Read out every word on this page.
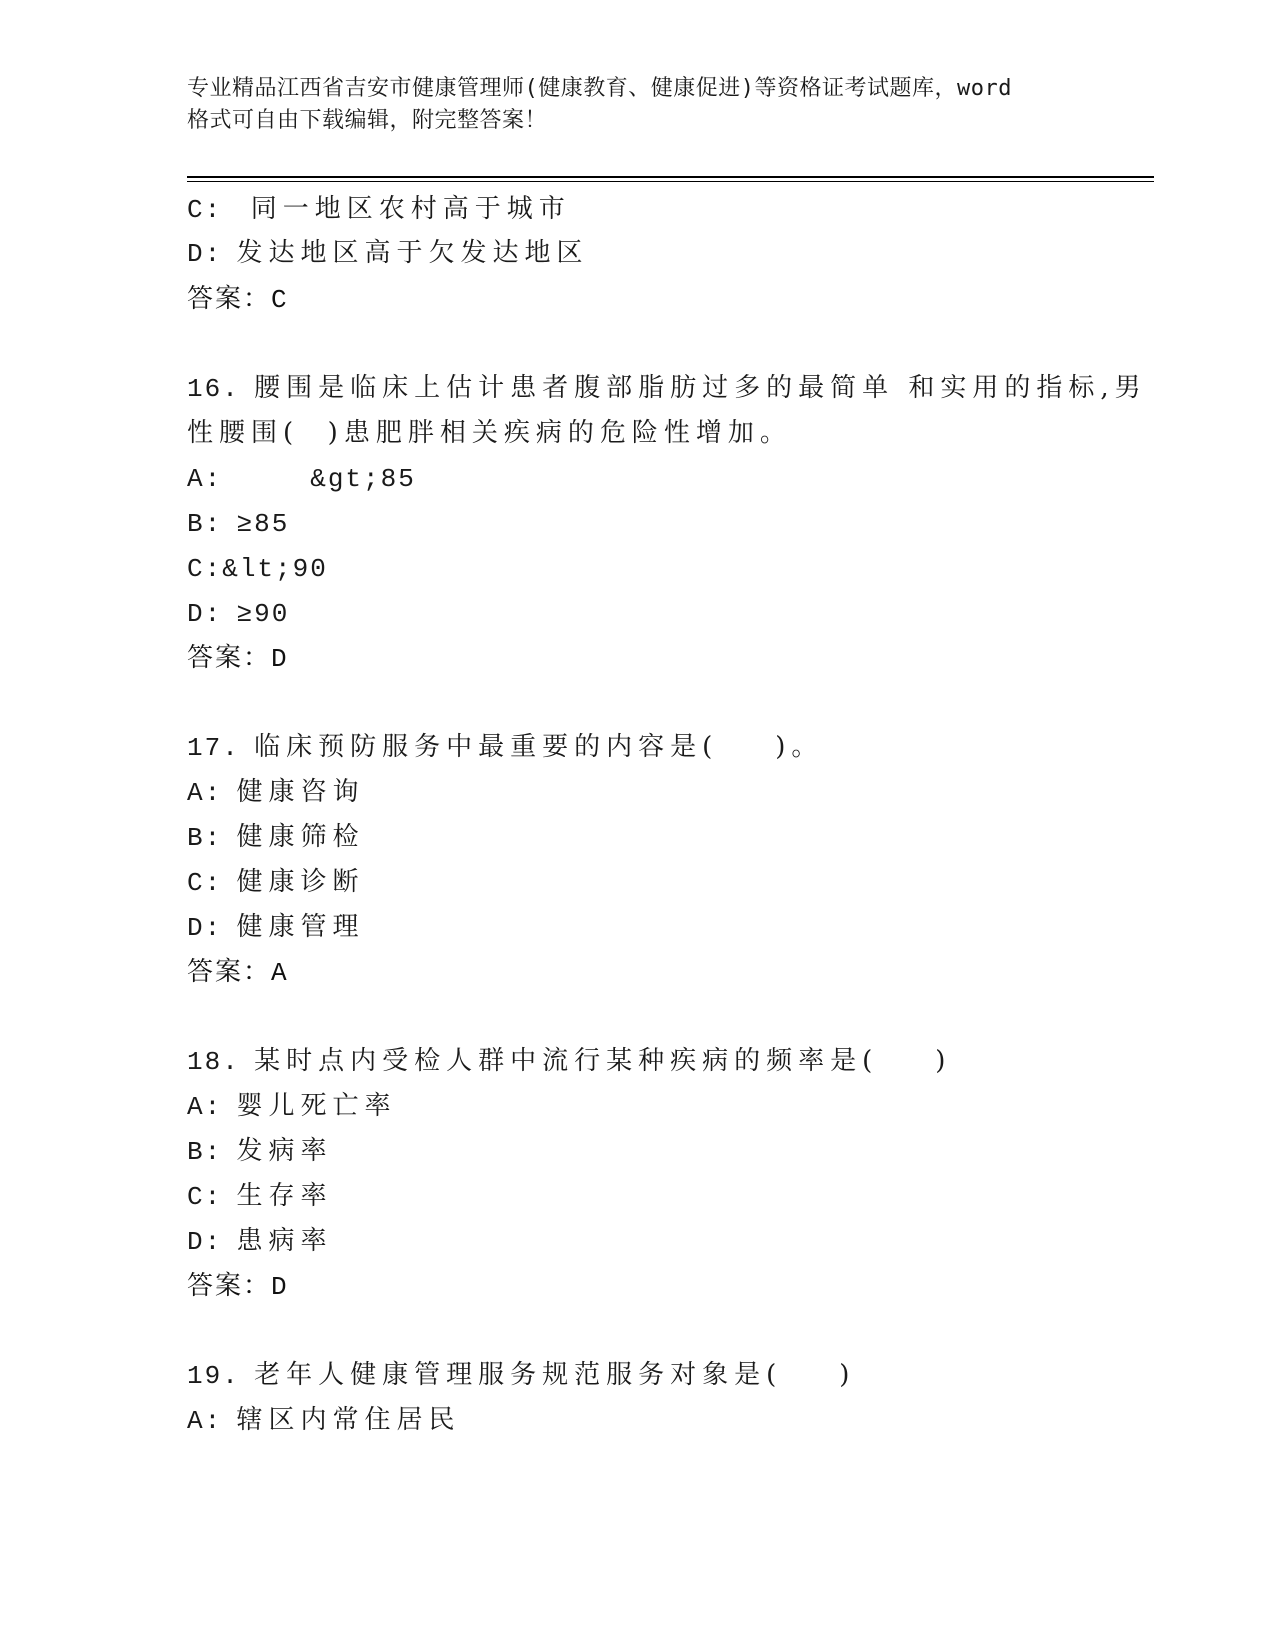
专业精品江西省吉安市健康管理师(健康教育、健康促进)等资格证考试题库，word
格式可自由下载编辑，附完整答案！
C:  同一地区农村高于城市
D: 发达地区高于欠发达地区
答案：C
16. 腰围是临床上估计患者腹部脂肪过多的最简单 和实用的指标,男
性腰围(  )患肥胖相关疾病的危险性增加。
A:     &gt;85
B: ≥85
C:&lt;90
D: ≥90
答案：D
17. 临床预防服务中最重要的内容是(    )。
A: 健康咨询
B: 健康筛检
C: 健康诊断
D: 健康管理
答案：A
18. 某时点内受检人群中流行某种疾病的频率是(    )
A: 婴儿死亡率
B: 发病率
C: 生存率
D: 患病率
答案：D
19. 老年人健康管理服务规范服务对象是(    )
A: 辖区内常住居民
